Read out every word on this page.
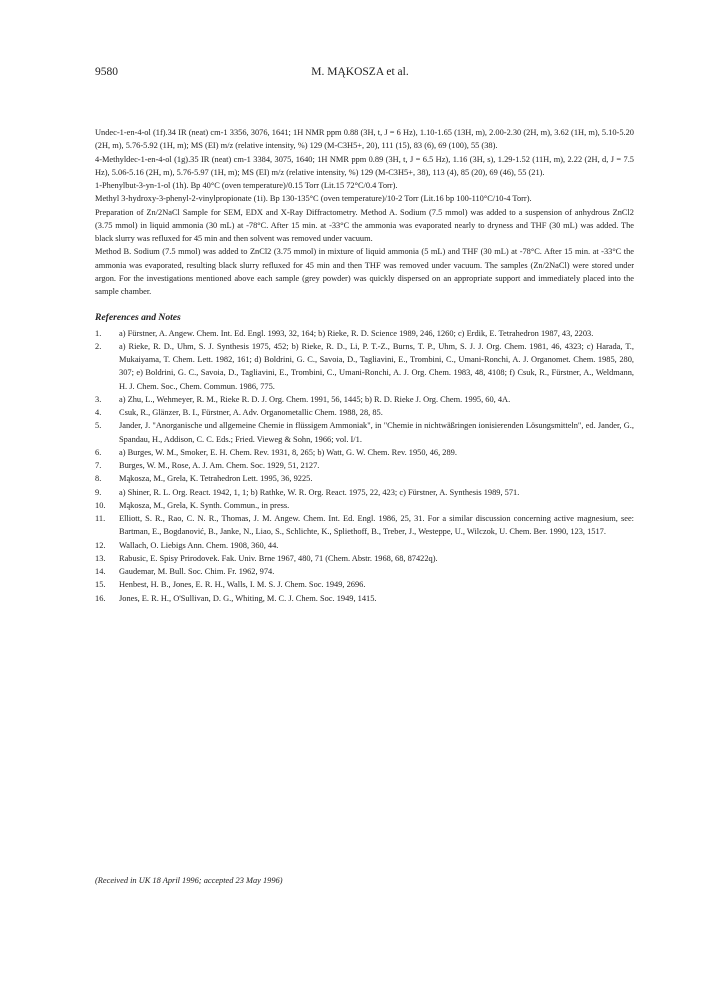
9580	M. MĄKOSZA et al.
Undec-1-en-4-ol (1f).34 IR (neat) cm-1 3356, 3076, 1641; 1H NMR ppm 0.88 (3H, t, J = 6 Hz), 1.10-1.65 (13H, m), 2.00-2.30 (2H, m), 3.62 (1H, m), 5.10-5.20 (2H, m), 5.76-5.92 (1H, m); MS (EI) m/z (relative intensity, %) 129 (M-C3H5+, 20), 111 (15), 83 (6), 69 (100), 55 (38).
4-Methyldec-1-en-4-ol (1g).35 IR (neat) cm-1 3384, 3075, 1640; 1H NMR ppm 0.89 (3H, t, J = 6.5 Hz), 1.16 (3H, s), 1.29-1.52 (11H, m), 2.22 (2H, d, J = 7.5 Hz), 5.06-5.16 (2H, m), 5.76-5.97 (1H, m); MS (EI) m/z (relative intensity, %) 129 (M-C3H5+, 38), 113 (4), 85 (20), 69 (46), 55 (21).
1-Phenylbut-3-yn-1-ol (1h). Bp 40°C (oven temperature)/0.15 Torr (Lit.15 72°C/0.4 Torr).
Methyl 3-hydroxy-3-phenyl-2-vinylpropionate (1i). Bp 130-135°C (oven temperature)/10-2 Torr (Lit.16 bp 100-110°C/10-4 Torr).
Preparation of Zn/2NaCl Sample for SEM, EDX and X-Ray Diffractometry. Method A. Sodium (7.5 mmol) was added to a suspension of anhydrous ZnCl2 (3.75 mmol) in liquid ammonia (30 mL) at -78°C. After 15 min. at -33°C the ammonia was evaporated nearly to dryness and THF (30 mL) was added. The black slurry was refluxed for 45 min and then solvent was removed under vacuum.
Method B. Sodium (7.5 mmol) was added to ZnCl2 (3.75 mmol) in mixture of liquid ammonia (5 mL) and THF (30 mL) at -78°C. After 15 min. at -33°C the ammonia was evaporated, resulting black slurry refluxed for 45 min and then THF was removed under vacuum. The samples (Zn/2NaCl) were stored under argon. For the investigations mentioned above each sample (grey powder) was quickly dispersed on an appropriate support and immediately placed into the sample chamber.
References and Notes
1.	a) Fürstner, A. Angew. Chem. Int. Ed. Engl. 1993, 32, 164; b) Rieke, R. D. Science 1989, 246, 1260; c) Erdik, E. Tetrahedron 1987, 43, 2203.
2.	a) Rieke, R. D., Uhm, S. J. Synthesis 1975, 452; b) Rieke, R. D., Li, P. T.-Z., Burns, T. P., Uhm, S. J. J. Org. Chem. 1981, 46, 4323; c) Harada, T., Mukaiyama, T. Chem. Lett. 1982, 161; d) Boldrini, G. C., Savoia, D., Tagliavini, E., Trombini, C., Umani-Ronchi, A. J. Organomet. Chem. 1985, 280, 307; e) Boldrini, G. C., Savoia, D., Tagliavini, E., Trombini, C., Umani-Ronchi, A. J. Org. Chem. 1983, 48, 4108; f) Csuk, R., Fürstner, A., Weldmann, H. J. Chem. Soc., Chem. Commun. 1986, 775.
3.	a) Zhu, L., Wehmeyer, R. M., Rieke R. D. J. Org. Chem. 1991, 56, 1445; b) R. D. Rieke J. Org. Chem. 1995, 60, 4A.
4.	Csuk, R., Glänzer, B. I., Fürstner, A. Adv. Organometallic Chem. 1988, 28, 85.
5.	Jander, J. "Anorganische und allgemeine Chemie in flüssigem Ammoniak", in "Chemie in nichtwäßringen ionisierenden Lösungsmitteln", ed. Jander, G., Spandau, H., Addison, C. C. Eds.; Fried. Vieweg & Sohn, 1966; vol. I/1.
6.	a) Burges, W. M., Smoker, E. H. Chem. Rev. 1931, 8, 265; b) Watt, G. W. Chem. Rev. 1950, 46, 289.
7.	Burges, W. M., Rose, A. J. Am. Chem. Soc. 1929, 51, 2127.
8.	Mąkosza, M., Grela, K. Tetrahedron Lett. 1995, 36, 9225.
9.	a) Shiner, R. L. Org. React. 1942, 1, 1; b) Rathke, W. R. Org. React. 1975, 22, 423; c) Fürstner, A. Synthesis 1989, 571.
10.	Mąkosza, M., Grela, K. Synth. Commun., in press.
11.	Elliott, S. R., Rao, C. N. R., Thomas, J. M. Angew. Chem. Int. Ed. Engl. 1986, 25, 31. For a similar discussion concerning active magnesium, see: Bartman, E., Bogdanović, B., Janke, N., Liao, S., Schlichte, K., Spliethoff, B., Treber, J., Westeppe, U., Wilczok, U. Chem. Ber. 1990, 123, 1517.
12.	Wallach, O. Liebigs Ann. Chem. 1908, 360, 44.
13.	Rabusic, E. Spisy Prirodovek. Fak. Univ. Brne 1967, 480, 71 (Chem. Abstr. 1968, 68, 87422q).
14.	Gaudemar, M. Bull. Soc. Chim. Fr. 1962, 974.
15.	Henbest, H. B., Jones, E. R. H., Walls, I. M. S. J. Chem. Soc. 1949, 2696.
16.	Jones, E. R. H., O'Sullivan, D. G., Whiting, M. C. J. Chem. Soc. 1949, 1415.
(Received in UK 18 April 1996; accepted 23 May 1996)
